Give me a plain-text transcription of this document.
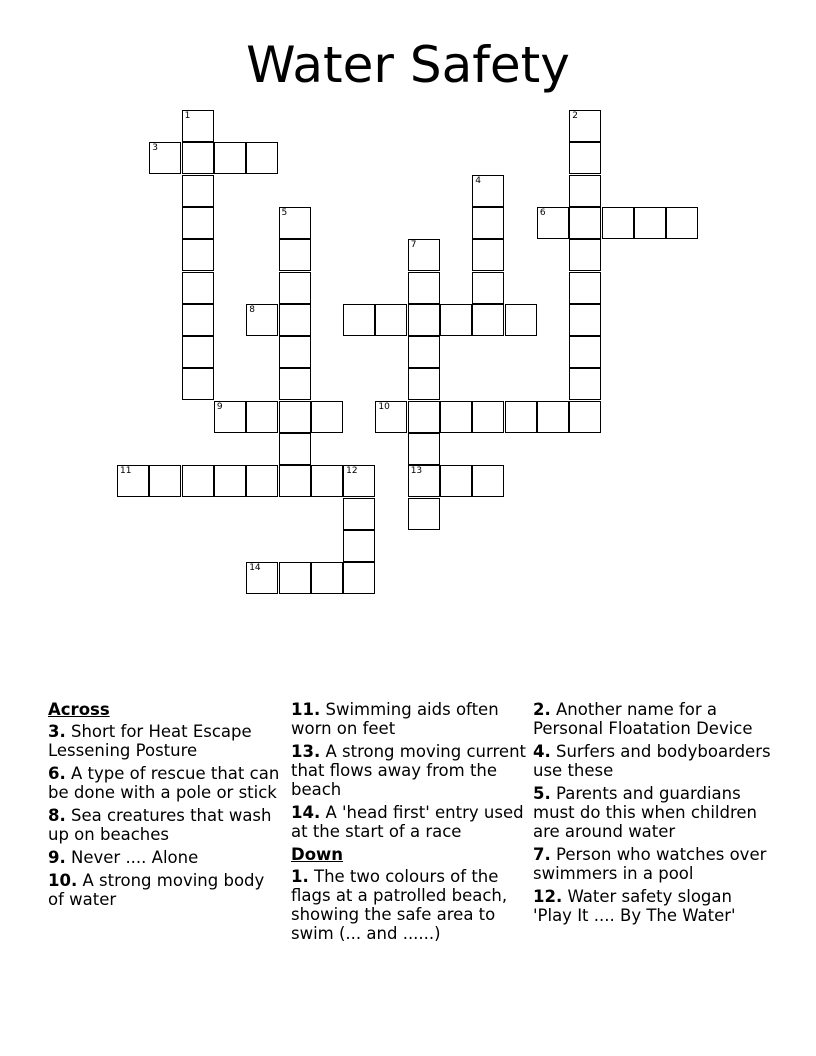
Water Safety
1	2
3
4
5	6
7
8
9	10
11	12	13
14
Across
3. Short for Heat Escape Lessening Posture
6. A type of rescue that can be done with a pole or stick
8. Sea creatures that wash up on beaches
9. Never .... Alone
10. A strong moving body of water
11. Swimming aids often worn on feet
13. A strong moving current that flows away from the beach
14. A 'head first' entry used at the start of a race
Down
1. The two colours of the flags at a patrolled beach, showing the safe area to swim (... and ......)
2. Another name for a Personal Floatation Device
4. Surfers and bodyboarders use these
5. Parents and guardians must do this when children are around water
7. Person who watches over swimmers in a pool
12. Water safety slogan 'Play It .... By The Water'
